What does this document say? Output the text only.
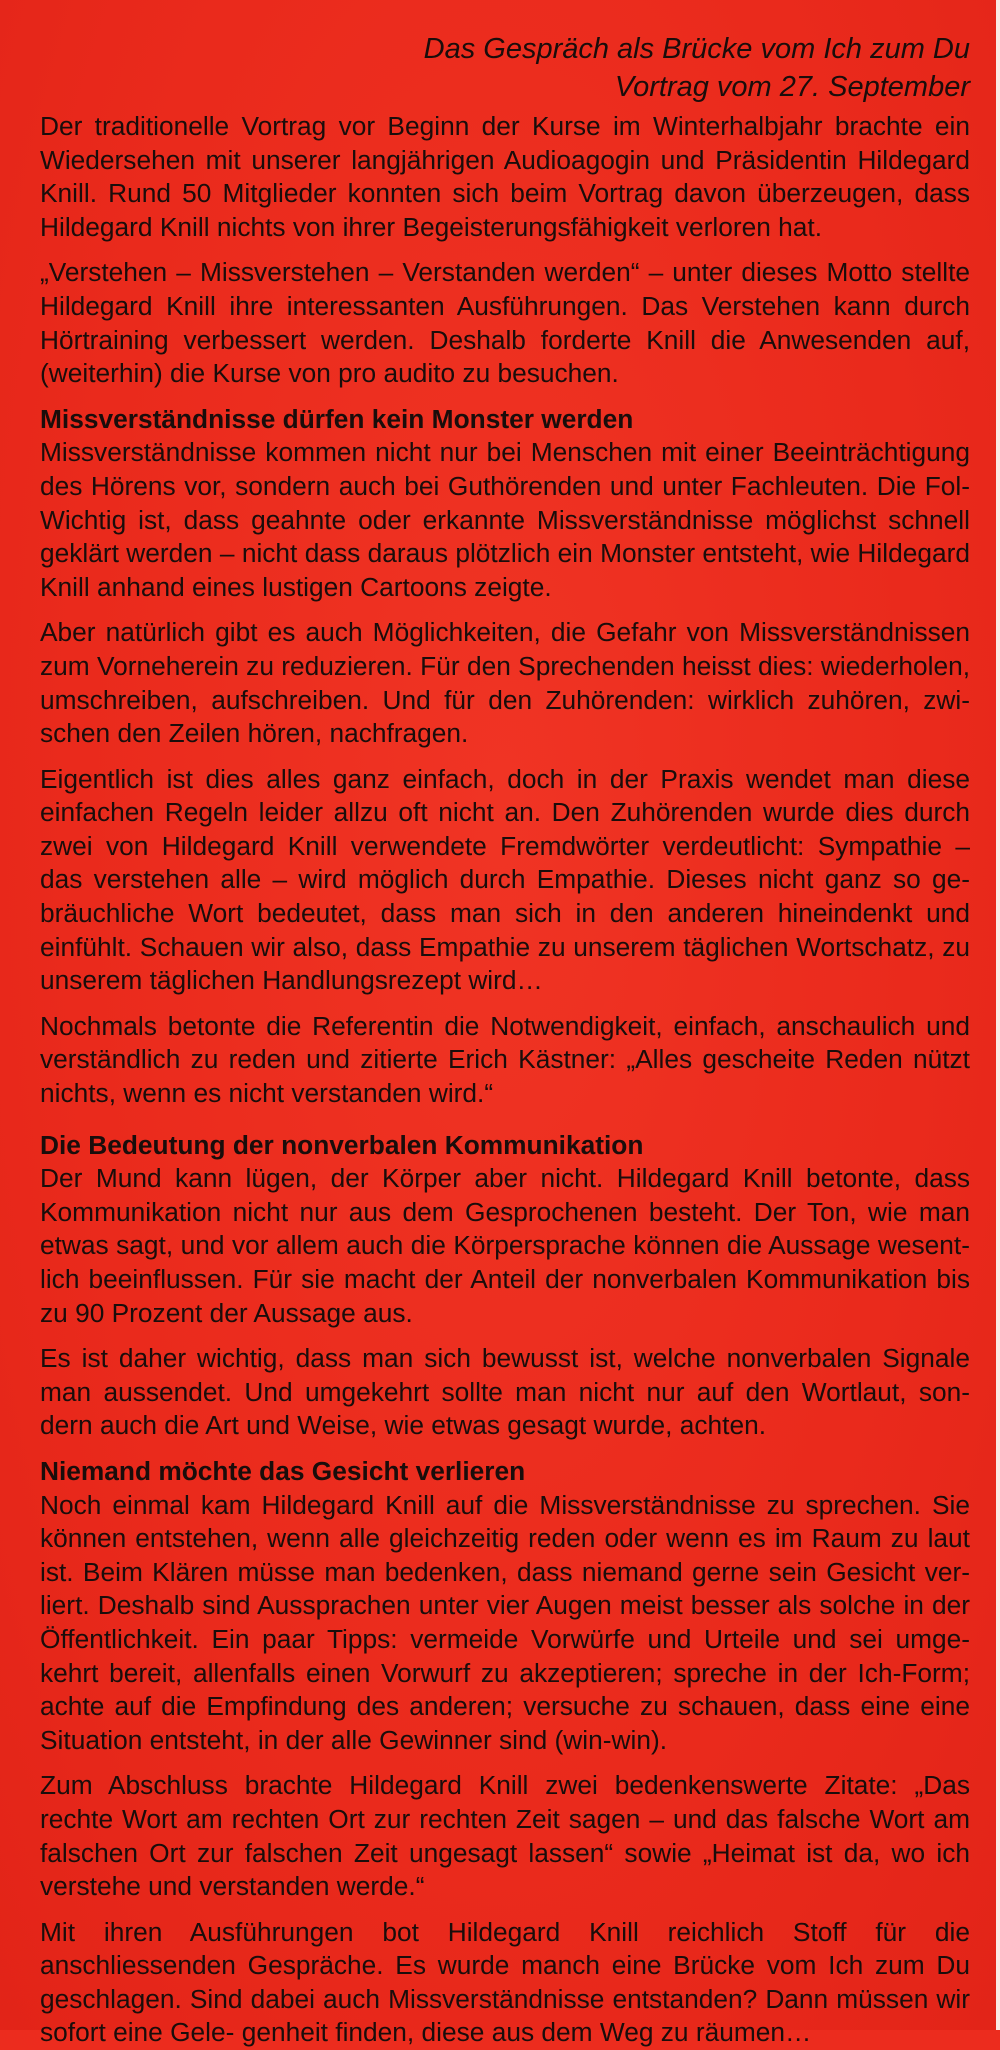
Das Gespräch als Brücke vom Ich zum Du
Vortrag vom 27. September

Der traditionelle Vortrag vor Beginn der Kurse im Winterhalbjahr brachte ein Wiedersehen mit unserer langjährigen Audioagogin und Präsidentin Hildegard Knill. Rund 50 Mitglieder konnten sich beim Vortrag davon überzeugen, dass Hildegard Knill nichts von ihrer Begeisterungsfähigkeit verloren hat.

„Verstehen – Missverstehen – Verstanden werden“ – unter dieses Motto stellte Hildegard Knill ihre interessanten Ausführungen. Das Verstehen kann durch Hörtraining verbessert werden. Deshalb forderte Knill die Anwesenden auf, (weiterhin) die Kurse von pro audito zu besuchen.

Missverständnisse dürfen kein Monster werden

Missverständnisse kommen nicht nur bei Menschen mit einer Beeinträchtigung des Hörens vor, sondern auch bei Guthörenden und unter Fachleuten. Die Fol- Wichtig ist, dass geahnte oder erkannte Missverständnisse möglichst schnell geklärt werden – nicht dass daraus plötzlich ein Monster entsteht, wie Hildegard Knill anhand eines lustigen Cartoons zeigte.

Aber natürlich gibt es auch Möglichkeiten, die Gefahr von Missverständnissen zum Vorneherein zu reduzieren. Für den Sprechenden heisst dies: wiederholen, umschreiben, aufschreiben. Und für den Zuhörenden: wirklich zuhören, zwi- schen den Zeilen hören, nachfragen.

Eigentlich ist dies alles ganz einfach, doch in der Praxis wendet man diese einfachen Regeln leider allzu oft nicht an. Den Zuhörenden wurde dies durch zwei von Hildegard Knill verwendete Fremdwörter verdeutlicht: Sympathie – das verstehen alle – wird möglich durch Empathie. Dieses nicht ganz so ge- bräuchliche Wort bedeutet, dass man sich in den anderen hineindenkt und einfühlt. Schauen wir also, dass Empathie zu unserem täglichen Wortschatz, zu unserem täglichen Handlungsrezept wird…

Nochmals betonte die Referentin die Notwendigkeit, einfach, anschaulich und verständlich zu reden und zitierte Erich Kästner: „Alles gescheite Reden nützt nichts, wenn es nicht verstanden wird.“

Die Bedeutung der nonverbalen Kommunikation

Der Mund kann lügen, der Körper aber nicht. Hildegard Knill betonte, dass Kommunikation nicht nur aus dem Gesprochenen besteht. Der Ton, wie man etwas sagt, und vor allem auch die Körpersprache können die Aussage wesent- lich beeinflussen. Für sie macht der Anteil der nonverbalen Kommunikation bis zu 90 Prozent der Aussage aus.

Es ist daher wichtig, dass man sich bewusst ist, welche nonverbalen Signale man aussendet. Und umgekehrt sollte man nicht nur auf den Wortlaut, son- dern auch die Art und Weise, wie etwas gesagt wurde, achten.

Niemand möchte das Gesicht verlieren

Noch einmal kam Hildegard Knill auf die Missverständnisse zu sprechen. Sie können entstehen, wenn alle gleichzeitig reden oder wenn es im Raum zu laut ist. Beim Klären müsse man bedenken, dass niemand gerne sein Gesicht ver- liert. Deshalb sind Aussprachen unter vier Augen meist besser als solche in der Öffentlichkeit. Ein paar Tipps: vermeide Vorwürfe und Urteile und sei umge- kehrt bereit, allenfalls einen Vorwurf zu akzeptieren; spreche in der Ich-Form; achte auf die Empfindung des anderen; versuche zu schauen, dass eine eine Situation entsteht, in der alle Gewinner sind (win-win).

Zum Abschluss brachte Hildegard Knill zwei bedenkenswerte Zitate: „Das rechte Wort am rechten Ort zur rechten Zeit sagen – und das falsche Wort am falschen Ort zur falschen Zeit ungesagt lassen“ sowie „Heimat ist da, wo ich verstehe und verstanden werde.“

Mit ihren Ausführungen bot Hildegard Knill reichlich Stoff für die anschliessenden Gespräche. Es wurde manch eine Brücke vom Ich zum Du geschlagen. Sind dabei auch Missverständnisse entstanden? Dann müssen wir sofort eine Gele- genheit finden, diese aus dem Weg zu räumen…
